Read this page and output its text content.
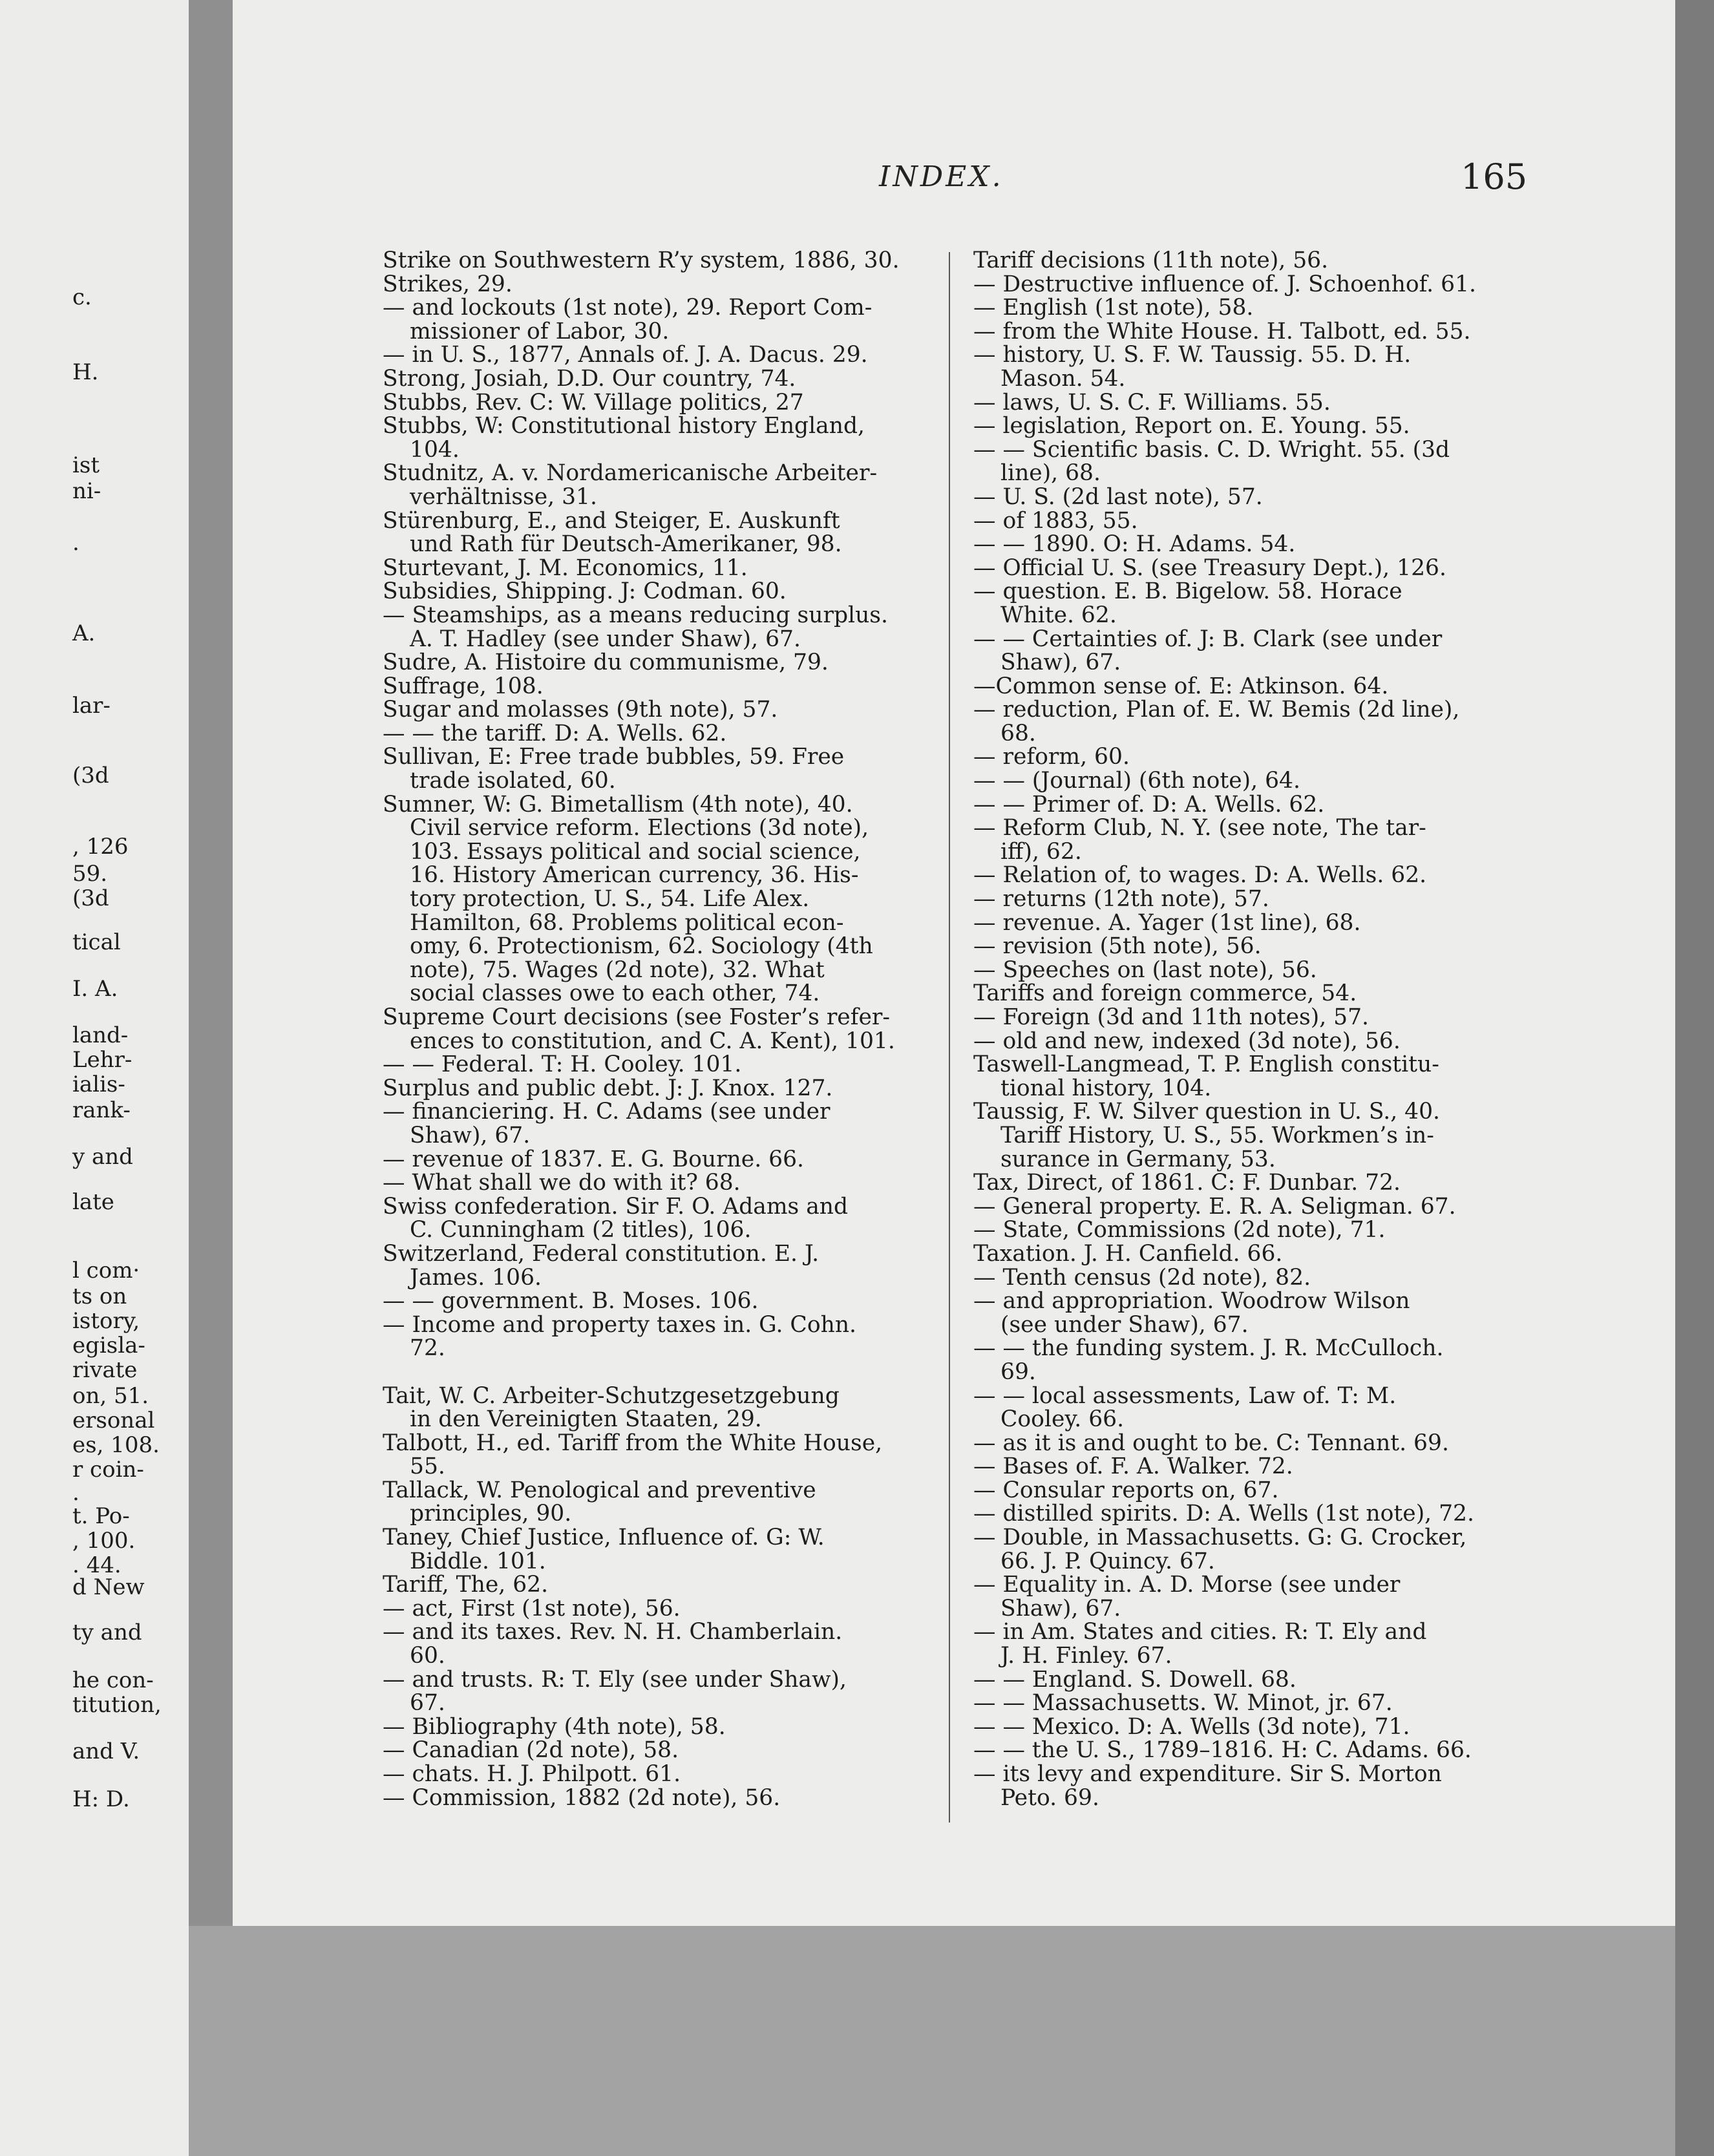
c.
H.
ist
ni-
.
A.
lar-
(3d
, 126
59.
(3d
tical
I. A.
land-
Lehr-
ialis-
rank-
y and
late
l com·
ts on
istory,
egisla-
rivate
on, 51.
ersonal
es, 108.
r coin-
.
t. Po-
, 100.
. 44.
d New
ty and
he con-
titution,
and V.
H: D.
INDEX.	165
Strike on Southwestern R’y system, 1886, 30.
Strikes, 29.
— and lockouts (1st note), 29. Report Com-
missioner of Labor, 30.
— in U. S., 1877, Annals of. J. A. Dacus. 29.
Strong, Josiah, D.D. Our country, 74.
Stubbs, Rev. C: W. Village politics, 27
Stubbs, W: Constitutional history England,
104.
Studnitz, A. v. Nordamericanische Arbeiter-
verhältnisse, 31.
Stürenburg, E., and Steiger, E. Auskunft
und Rath für Deutsch-Amerikaner, 98.
Sturtevant, J. M. Economics, 11.
Subsidies, Shipping. J: Codman. 60.
— Steamships, as a means reducing surplus.
A. T. Hadley (see under Shaw), 67.
Sudre, A. Histoire du communisme, 79.
Suffrage, 108.
Sugar and molasses (9th note), 57.
— — the tariff. D: A. Wells. 62.
Sullivan, E: Free trade bubbles, 59. Free
trade isolated, 60.
Sumner, W: G. Bimetallism (4th note), 40.
Civil service reform. Elections (3d note),
103. Essays political and social science,
16. History American currency, 36. His-
tory protection, U. S., 54. Life Alex.
Hamilton, 68. Problems political econ-
omy, 6. Protectionism, 62. Sociology (4th
note), 75. Wages (2d note), 32. What
social classes owe to each other, 74.
Supreme Court decisions (see Foster’s refer-
ences to constitution, and C. A. Kent), 101.
— — Federal. T: H. Cooley. 101.
Surplus and public debt. J: J. Knox. 127.
— financiering. H. C. Adams (see under
Shaw), 67.
— revenue of 1837. E. G. Bourne. 66.
— What shall we do with it? 68.
Swiss confederation. Sir F. O. Adams and
C. Cunningham (2 titles), 106.
Switzerland, Federal constitution. E. J.
James. 106.
— — government. B. Moses. 106.
— Income and property taxes in. G. Cohn.
72.
Tait, W. C. Arbeiter-Schutzgesetzgebung
in den Vereinigten Staaten, 29.
Talbott, H., ed. Tariff from the White House,
55.
Tallack, W. Penological and preventive
principles, 90.
Taney, Chief Justice, Influence of. G: W.
Biddle. 101.
Tariff, The, 62.
— act, First (1st note), 56.
— and its taxes. Rev. N. H. Chamberlain.
60.
— and trusts. R: T. Ely (see under Shaw),
67.
— Bibliography (4th note), 58.
— Canadian (2d note), 58.
— chats. H. J. Philpott. 61.
— Commission, 1882 (2d note), 56.
Tariff decisions (11th note), 56.
— Destructive influence of. J. Schoenhof. 61.
— English (1st note), 58.
— from the White House. H. Talbott, ed. 55.
— history, U. S. F. W. Taussig. 55. D. H.
Mason. 54.
— laws, U. S. C. F. Williams. 55.
— legislation, Report on. E. Young. 55.
— — Scientific basis. C. D. Wright. 55. (3d
line), 68.
— U. S. (2d last note), 57.
— of 1883, 55.
— — 1890. O: H. Adams. 54.
— Official U. S. (see Treasury Dept.), 126.
— question. E. B. Bigelow. 58. Horace
White. 62.
— — Certainties of. J: B. Clark (see under
Shaw), 67.
—Common sense of. E: Atkinson. 64.
— reduction, Plan of. E. W. Bemis (2d line),
68.
— reform, 60.
— — (Journal) (6th note), 64.
— — Primer of. D: A. Wells. 62.
— Reform Club, N. Y. (see note, The tar-
iff), 62.
— Relation of, to wages. D: A. Wells. 62.
— returns (12th note), 57.
— revenue. A. Yager (1st line), 68.
— revision (5th note), 56.
— Speeches on (last note), 56.
Tariffs and foreign commerce, 54.
— Foreign (3d and 11th notes), 57.
— old and new, indexed (3d note), 56.
Taswell-Langmead, T. P. English constitu-
tional history, 104.
Taussig, F. W. Silver question in U. S., 40.
Tariff History, U. S., 55. Workmen’s in-
surance in Germany, 53.
Tax, Direct, of 1861. C: F. Dunbar. 72.
— General property. E. R. A. Seligman. 67.
— State, Commissions (2d note), 71.
Taxation. J. H. Canfield. 66.
— Tenth census (2d note), 82.
— and appropriation. Woodrow Wilson
(see under Shaw), 67.
— — the funding system. J. R. McCulloch.
69.
— — local assessments, Law of. T: M.
Cooley. 66.
— as it is and ought to be. C: Tennant. 69.
— Bases of. F. A. Walker. 72.
— Consular reports on, 67.
— distilled spirits. D: A. Wells (1st note), 72.
— Double, in Massachusetts. G: G. Crocker,
66. J. P. Quincy. 67.
— Equality in. A. D. Morse (see under
Shaw), 67.
— in Am. States and cities. R: T. Ely and
J. H. Finley. 67.
— — England. S. Dowell. 68.
— — Massachusetts. W. Minot, jr. 67.
— — Mexico. D: A. Wells (3d note), 71.
— — the U. S., 1789–1816. H: C. Adams. 66.
— its levy and expenditure. Sir S. Morton
Peto. 69.
